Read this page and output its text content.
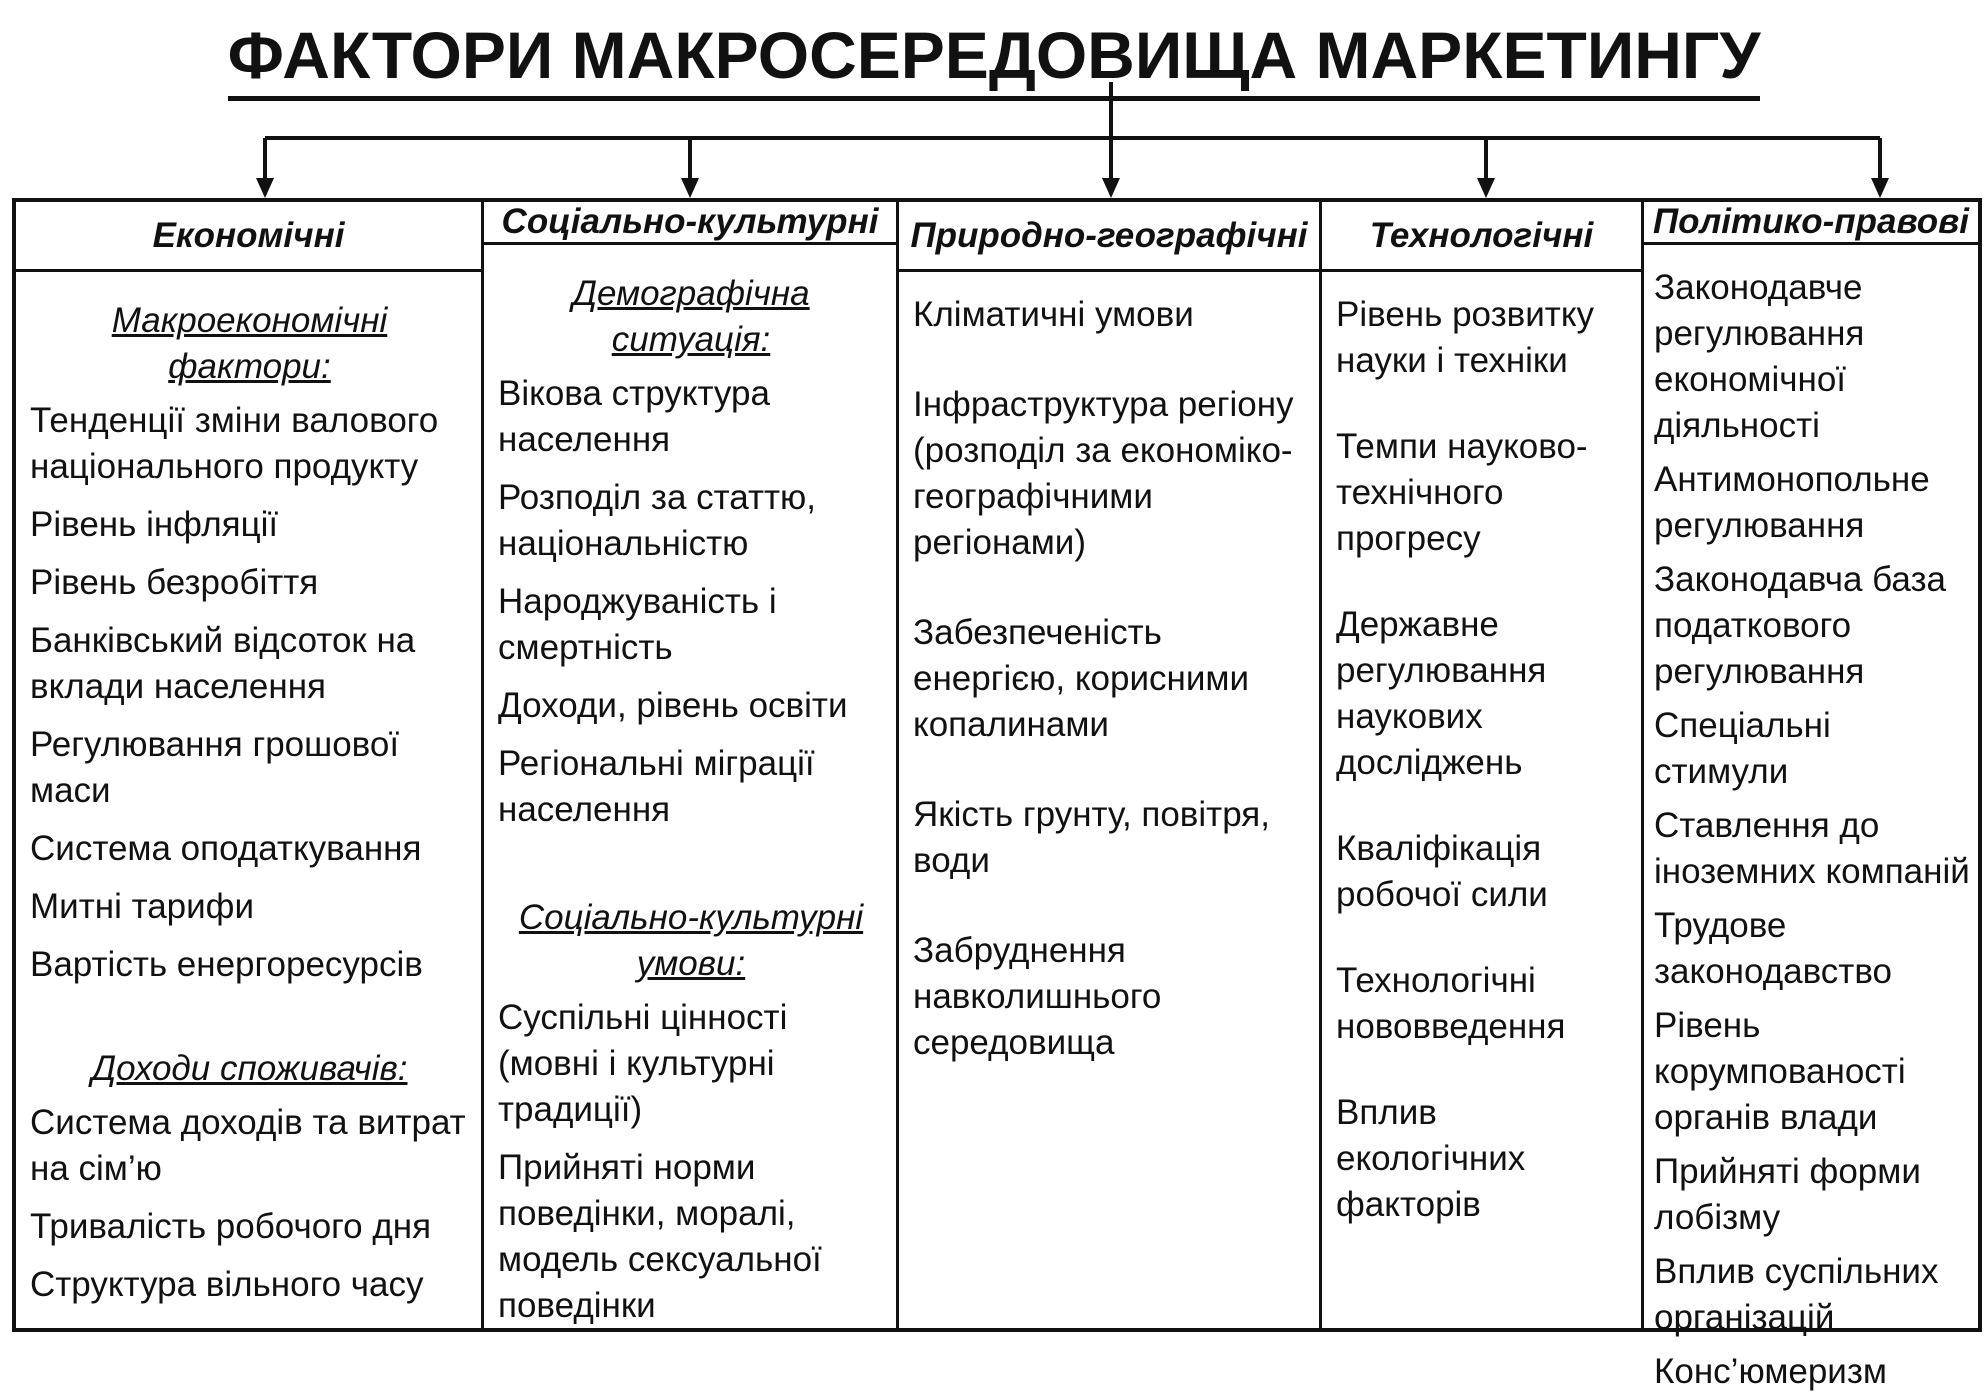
ФАКТОРИ МАКРОСЕРЕДОВИЩА МАРКЕТИНГУ
Економічні
Макроекономічні фактори:
Тенденції зміни валового національного продукту
Рівень інфляції
Рівень безробіття
Банківський відсоток на вклади населення
Регулювання грошової маси
Система оподаткування
Митні тарифи
Вартість енергоресурсів
Доходи споживачів:
Система доходів та витрат на сім’ю
Тривалість робочого дня
Структура вільного часу
Соціально-культурні
Демографічна ситуація:
Вікова структура населення
Розподіл за статтю, національністю
Народжуваність і смертність
Доходи, рівень освіти
Регіональні міграції населення
Соціально-культурні умови:
Суспільні цінності (мовні і культурні традиції)
Прийняті норми поведінки, моралі, модель сексуальної поведінки
Природно-географічні
Кліматичні умови
Інфраструктура регіону (розподіл за економіко-географічними регіонами)
Забезпеченість енергією, корисними копалинами
Якість грунту, повітря, води
Забруднення навколишнього середовища
Технологічні
Рівень розвитку науки і техніки
Темпи науково-технічного прогресу
Державне регулювання наукових досліджень
Кваліфікація робочої сили
Технологічні нововведення
Вплив екологічних факторів
Політико-правові
Законодавче регулювання економічної діяльності
Антимонопольне регулювання
Законодавча база податкового регулювання
Спеціальні стимули
Ставлення до іноземних компаній
Трудове законодавство
Рівень корумпованості органів влади
Прийняті форми лобізму
Вплив суспільних організацій
Конс’юмеризм
